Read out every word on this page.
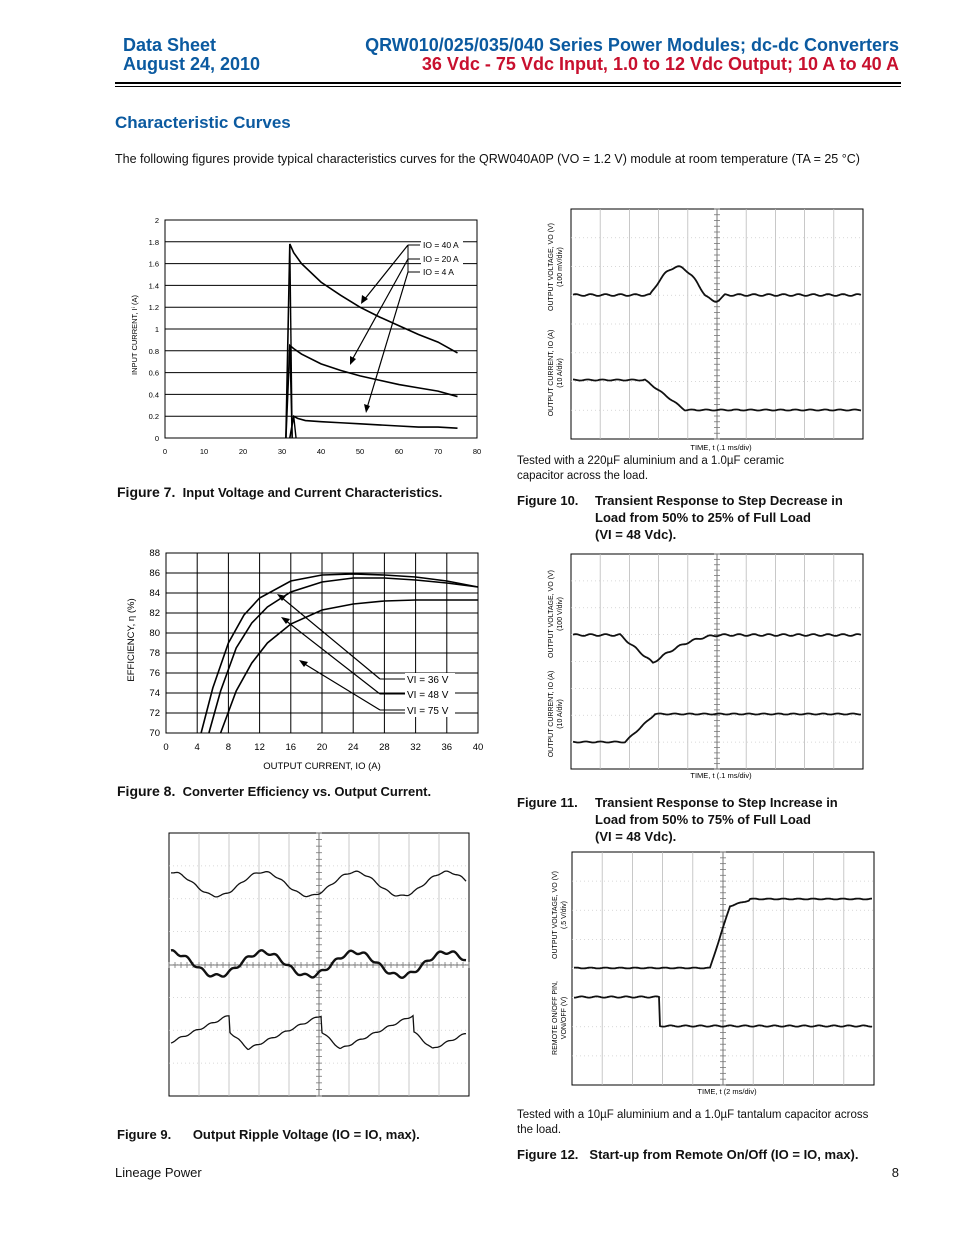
Data Sheet
August 24, 2010
QRW010/025/035/040 Series Power Modules; dc-dc Converters
36 Vdc - 75 Vdc Input, 1.0 to 12 Vdc Output; 10 A to 40 A
Characteristic Curves
The following figures provide typical characteristics curves for the QRW040A0P (VO = 1.2 V) module at room temperature (TA = 25 °C)
0
0.2
0.4
0.6
0.8
1
1.2
1.4
1.6
1.8
2
0	10	20	30	40	50	60	70	80
INPUT CURRENT, Iⁱ (A)
IO = 40 A
IO = 20 A
IO = 4 A
Figure 7. Input Voltage and Current Characteristics.
70
72
74
76
78
80
82
84
86
88
0	4	8 12 16 20 24 28 32 36 40
EFFICIENCY, η (%)
OUTPUT CURRENT, IO (A)
VI = 36 V
VI = 48 V
VI = 75 V
Figure 8. Converter Efficiency vs. Output Current.
Figure 9. Output Ripple Voltage (IO = IO, max).
OUTPUT VOLTAGE, VO (V) (100 mV/div)
OUTPUT CURRENT, IO (A) (10 A/div)
TIME, t (.1 ms/div)
Tested with a 220µF aluminium and a 1.0µF ceramic capacitor across the load.
Figure 10. Transient Response to Step Decrease in
Load from 50% to 25% of Full Load
(VI = 48 Vdc).
OUTPUT VOLTAGE, VO (V) (100 V/div)
OUTPUT CURRENT, IO (A) (10 A/div)
TIME, t (.1 ms/div)
Figure 11. Transient Response to Step Increase in
Load from 50% to 75% of Full Load
(VI = 48 Vdc).
OUTPUT VOLTAGE, VO (V) (.5 V/div)
REMOTE ON/OFF PIN, VON/OFF (V)
TIME, t (2 ms/div)
Tested with a 10µF aluminium and a 1.0µF tantalum capacitor across the load.
Figure 12. Start-up from Remote On/Off (IO = IO, max).
Lineage Power	8
